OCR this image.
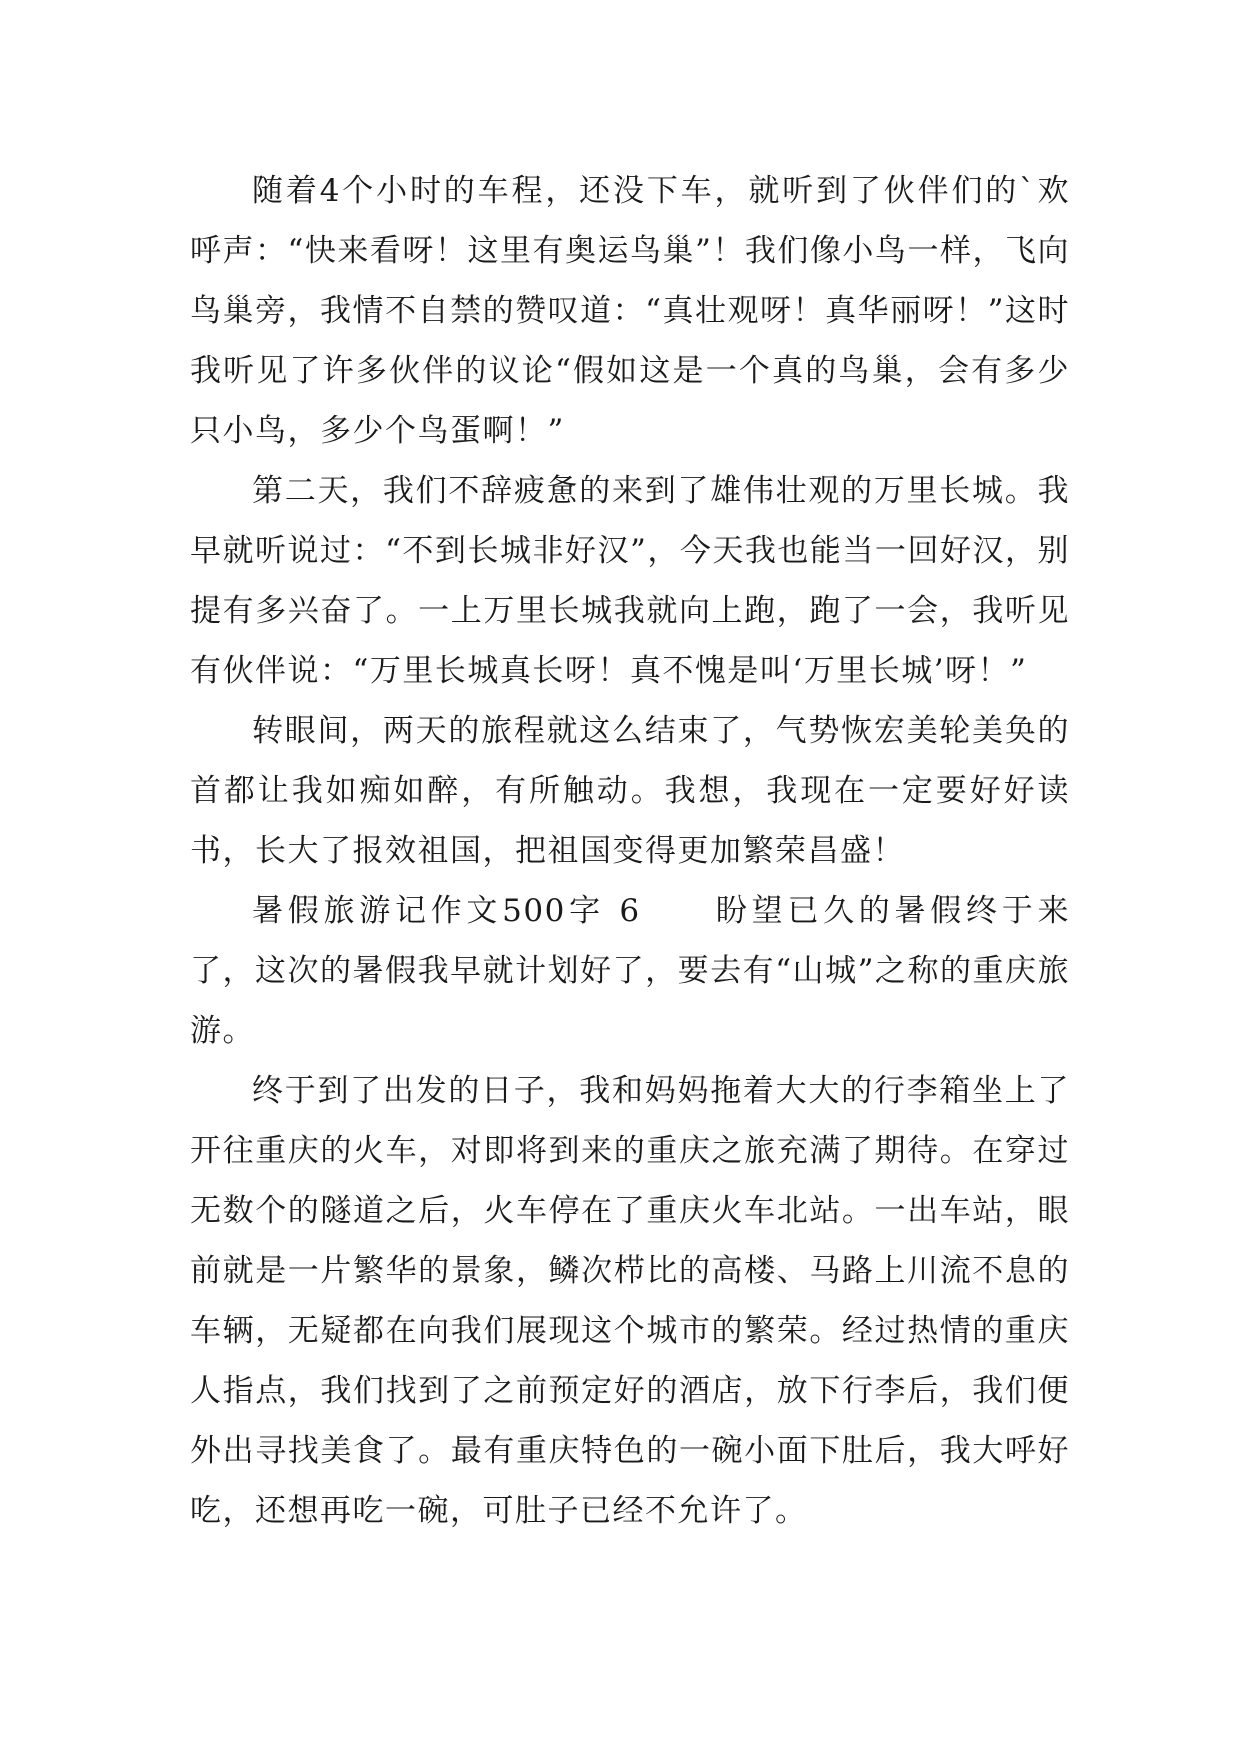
随着4个小时的车程，还没下车，就听到了伙伴们的`欢呼声：“快来看呀！这里有奥运鸟巢”！我们像小鸟一样，飞向鸟巢旁，我情不自禁的赞叹道：“真壮观呀！真华丽呀！”这时我听见了许多伙伴的议论“假如这是一个真的鸟巢，会有多少只小鸟，多少个鸟蛋啊！”

第二天，我们不辞疲惫的来到了雄伟壮观的万里长城。我早就听说过：“不到长城非好汉”，今天我也能当一回好汉，别提有多兴奋了。一上万里长城我就向上跑，跑了一会，我听见有伙伴说：“万里长城真长呀！真不愧是叫‘万里长城’呀！”

转眼间，两天的旅程就这么结束了，气势恢宏美轮美奂的首都让我如痴如醉，有所触动。我想，我现在一定要好好读书，长大了报效祖国，把祖国变得更加繁荣昌盛！

暑假旅游记作文500字 6 盼望已久的暑假终于来了，这次的暑假我早就计划好了，要去有“山城”之称的重庆旅游。

终于到了出发的日子，我和妈妈拖着大大的行李箱坐上了开往重庆的火车，对即将到来的重庆之旅充满了期待。在穿过无数个的隧道之后，火车停在了重庆火车北站。一出车站，眼前就是一片繁华的景象，鳞次栉比的高楼、马路上川流不息的车辆，无疑都在向我们展现这个城市的繁荣。经过热情的重庆人指点，我们找到了之前预定好的酒店，放下行李后，我们便外出寻找美食了。最有重庆特色的一碗小面下肚后，我大呼好吃，还想再吃一碗，可肚子已经不允许了。
